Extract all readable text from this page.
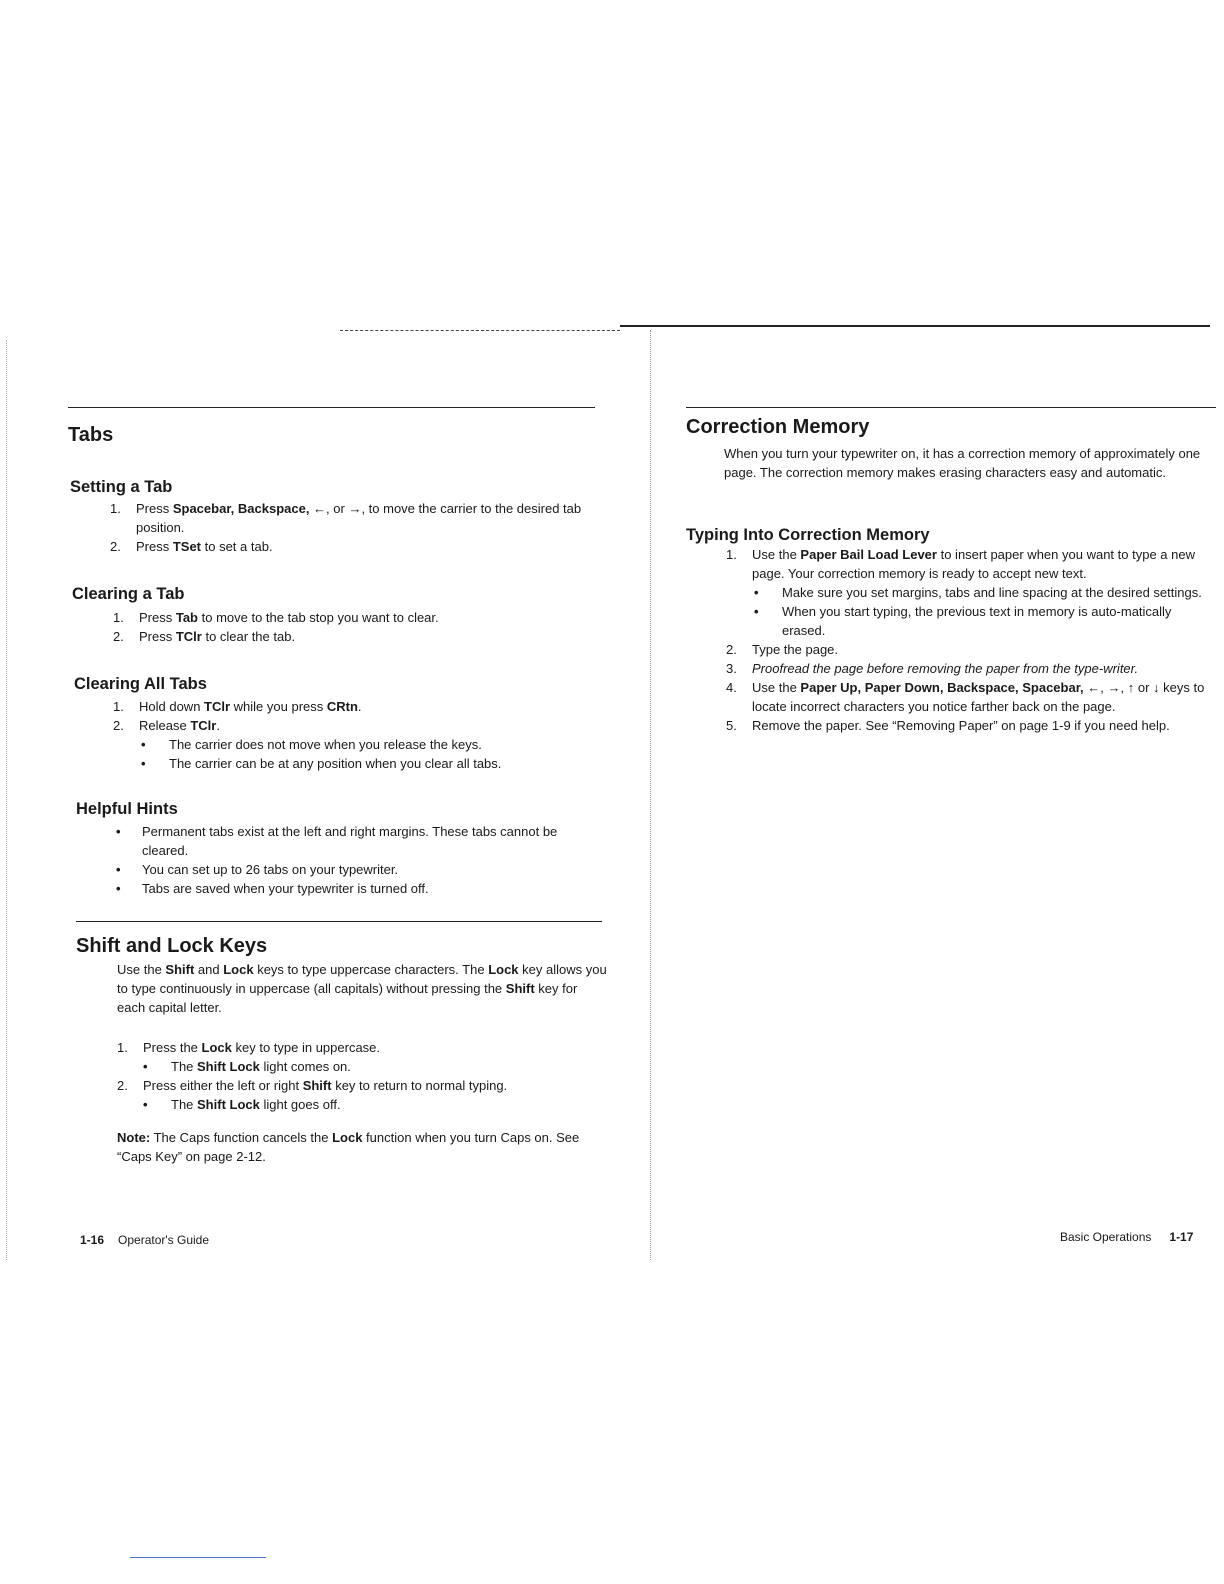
Tabs
Setting a Tab
1. Press Spacebar, Backspace, ←, or →, to move the carrier to the desired tab position.
2. Press TSet to set a tab.
Clearing a Tab
1. Press Tab to move to the tab stop you want to clear.
2. Press TClr to clear the tab.
Clearing All Tabs
1. Hold down TClr while you press CRtn.
2. Release TClr.
• The carrier does not move when you release the keys.
• The carrier can be at any position when you clear all tabs.
Helpful Hints
• Permanent tabs exist at the left and right margins. These tabs cannot be cleared.
• You can set up to 26 tabs on your typewriter.
• Tabs are saved when your typewriter is turned off.
Shift and Lock Keys

Use the Shift and Lock keys to type uppercase characters. The Lock key allows you to type continuously in uppercase (all capitals) without pressing the Shift key for each capital letter.

1. Press the Lock key to type in uppercase.
• The Shift Lock light comes on.
2. Press either the left or right Shift key to return to normal typing.
• The Shift Lock light goes off.

Note: The Caps function cancels the Lock function when you turn Caps on. See “Caps Key” on page 2-12.

1-16 Operator's Guide
Correction Memory

When you turn your typewriter on, it has a correction memory of approximately one page. The correction memory makes erasing characters easy and automatic.

Typing Into Correction Memory
1. Use the Paper Bail Load Lever to insert paper when you want to type a new page. Your correction memory is ready to accept new text.
• Make sure you set margins, tabs and line spacing at the desired settings.
• When you start typing, the previous text in memory is auto-matically erased.
2. Type the page.
3. Proofread the page before removing the paper from the type-writer.
4. Use the Paper Up, Paper Down, Backspace, Spacebar, ←, →, ↑ or ↓ keys to locate incorrect characters you notice farther back on the page.
5. Remove the paper. See “Removing Paper” on page 1-9 if you need help.
Basic Operations 1-17
